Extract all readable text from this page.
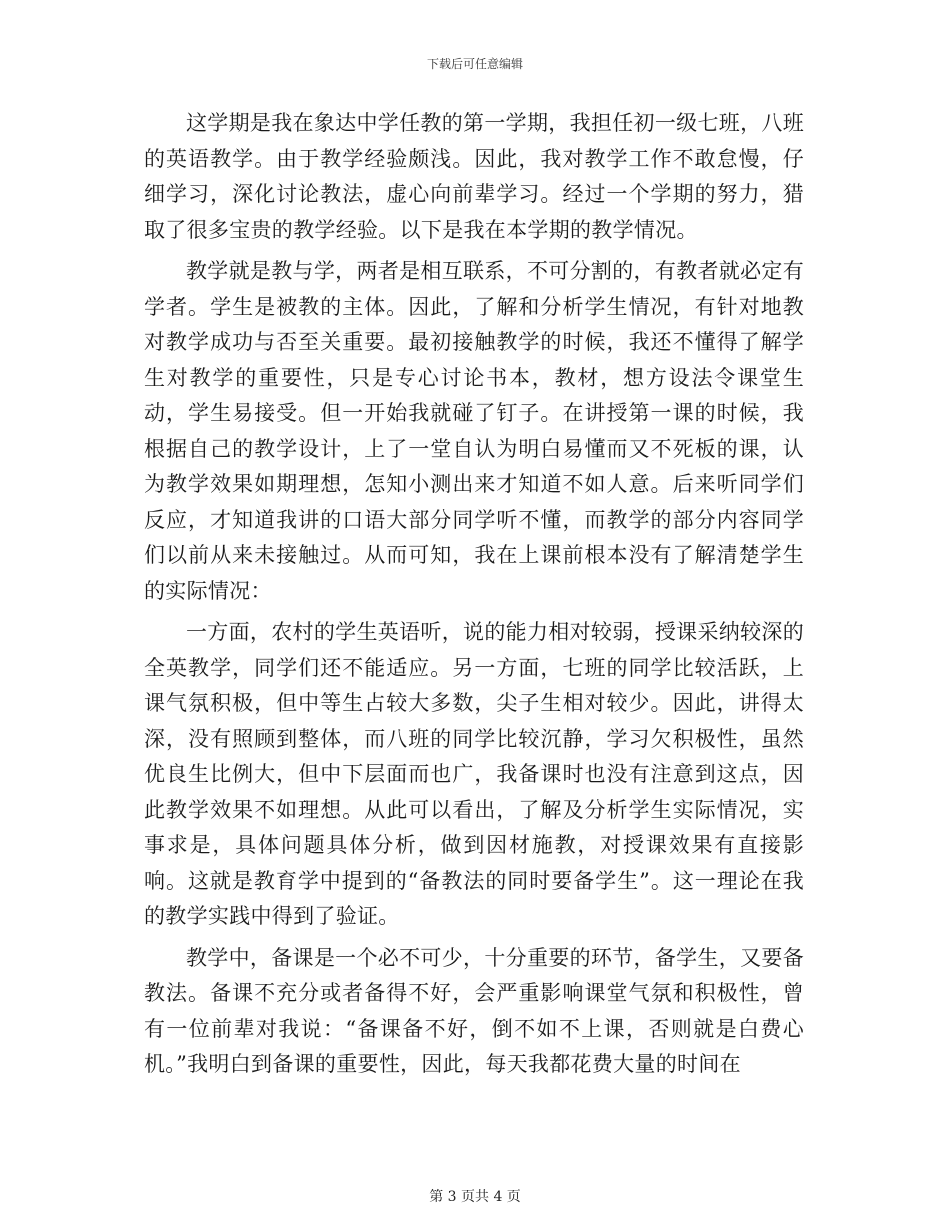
下载后可任意编辑

这学期是我在象达中学任教的第一学期，我担任初一级七班，八班的英语教学。由于教学经验颇浅。因此，我对教学工作不敢怠慢，仔细学习，深化讨论教法，虚心向前辈学习。经过一个学期的努力，猎取了很多宝贵的教学经验。以下是我在本学期的教学情况。

教学就是教与学，两者是相互联系，不可分割的，有教者就必定有学者。学生是被教的主体。因此，了解和分析学生情况，有针对地教对教学成功与否至关重要。最初接触教学的时候，我还不懂得了解学生对教学的重要性，只是专心讨论书本，教材，想方设法令课堂生动，学生易接受。但一开始我就碰了钉子。在讲授第一课的时候，我根据自己的教学设计，上了一堂自认为明白易懂而又不死板的课，认为教学效果如期理想，怎知小测出来才知道不如人意。后来听同学们反应，才知道我讲的口语大部分同学听不懂，而教学的部分内容同学们以前从来未接触过。从而可知，我在上课前根本没有了解清楚学生的实际情况：

一方面，农村的学生英语听，说的能力相对较弱，授课采纳较深的全英教学，同学们还不能适应。另一方面，七班的同学比较活跃，上课气氛积极，但中等生占较大多数，尖子生相对较少。因此，讲得太深，没有照顾到整体，而八班的同学比较沉静，学习欠积极性，虽然优良生比例大，但中下层面而也广，我备课时也没有注意到这点，因此教学效果不如理想。从此可以看出，了解及分析学生实际情况，实事求是，具体问题具体分析，做到因材施教，对授课效果有直接影响。这就是教育学中提到的“备教法的同时要备学生”。这一理论在我的教学实践中得到了验证。

教学中，备课是一个必不可少，十分重要的环节，备学生，又要备教法。备课不充分或者备得不好，会严重影响课堂气氛和积极性，曾有一位前辈对我说：“备课备不好，倒不如不上课，否则就是白费心机。”我明白到备课的重要性，因此，每天我都花费大量的时间在

第 3 页共 4 页
